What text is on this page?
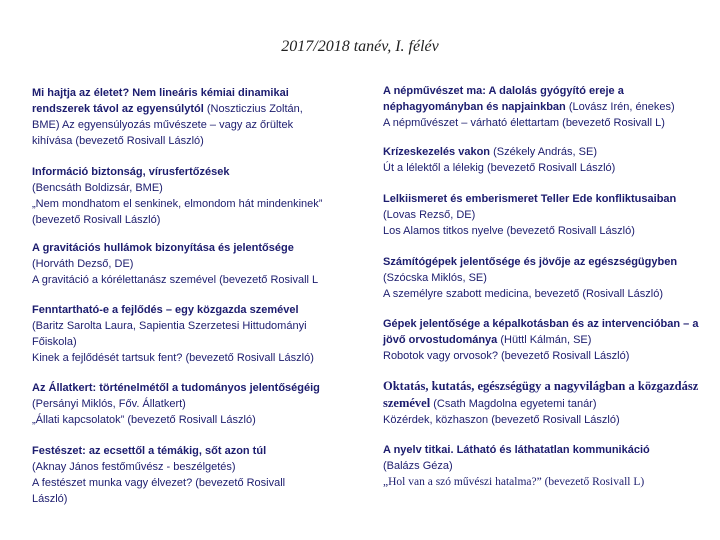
2017/2018 tanév, I. félév
Mi hajtja az életet? Nem lineáris kémiai dinamikai rendszerek távol az egyensúlytól (Noszticzius Zoltán, BME) Az egyensúlyozás művészete – vagy az őrültek kihívása (bevezető Rosivall László)
Információ biztonság, vírusfertőzések
(Bencsáth Boldizsár, BME)
„Nem mondhatom el senkinek, elmondom hát mindenkinek” (bevezető Rosivall László)
A gravitációs hullámok bizonyítása és jelentősége
(Horváth Dezső, DE)
A gravitáció a kórélettanász szemével (bevezető Rosivall L
Fenntartható-e a fejlődés – egy közgazda szemével
(Baritz Sarolta Laura, Sapientia Szerzetesi Hittudományi Főiskola)
Kinek a fejlődését tartsuk fent? (bevezető Rosivall László)
Az Állatkert: történelmétől a tudományos jelentőségéig
(Persányi Miklós, Főv. Állatkert)
„Állati kapcsolatok” (bevezető Rosivall László)
Festészet: az ecsettől a témákig, sőt azon túl
(Aknay János festőművész - beszélgetés)
A festészet munka vagy élvezet? (bevezető Rosivall László)
A népművészet ma: A dalolás gyógyító ereje a néphagyományban és napjainkban (Lovász Irén, énekes)
A népművészet – várható élettartam (bevezető Rosivall L)
Krízeskezelés vakon (Székely András, SE)
Út a lélektől a lélekig (bevezető Rosivall László)
Lelkiismeret és emberismeret Teller Ede konfliktusaiban
(Lovas Rezső, DE)
Los Alamos titkos nyelve (bevezető Rosivall László)
Számítógépek jelentősége és jövője az egészségügyben
(Szócska Miklós, SE)
A személyre szabott medicina, bevezető (Rosivall László)
Gépek jelentősége a képalkotásban és az intervencióban – a jövő orvostudománya (Hüttl Kálmán, SE)
Robotok vagy orvosok? (bevezető Rosivall László)
Oktatás, kutatás, egészségügy a nagyvilágban a közgazdász szemével (Csath Magdolna egyetemi tanár)
Közérdek, közhaszon (bevezető Rosivall László)
A nyelv titkai. Látható és láthatatlan kommunikáció
(Balázs Géza)
„Hol van a szó művészi hatalma?” (bevezető Rosivall L)
